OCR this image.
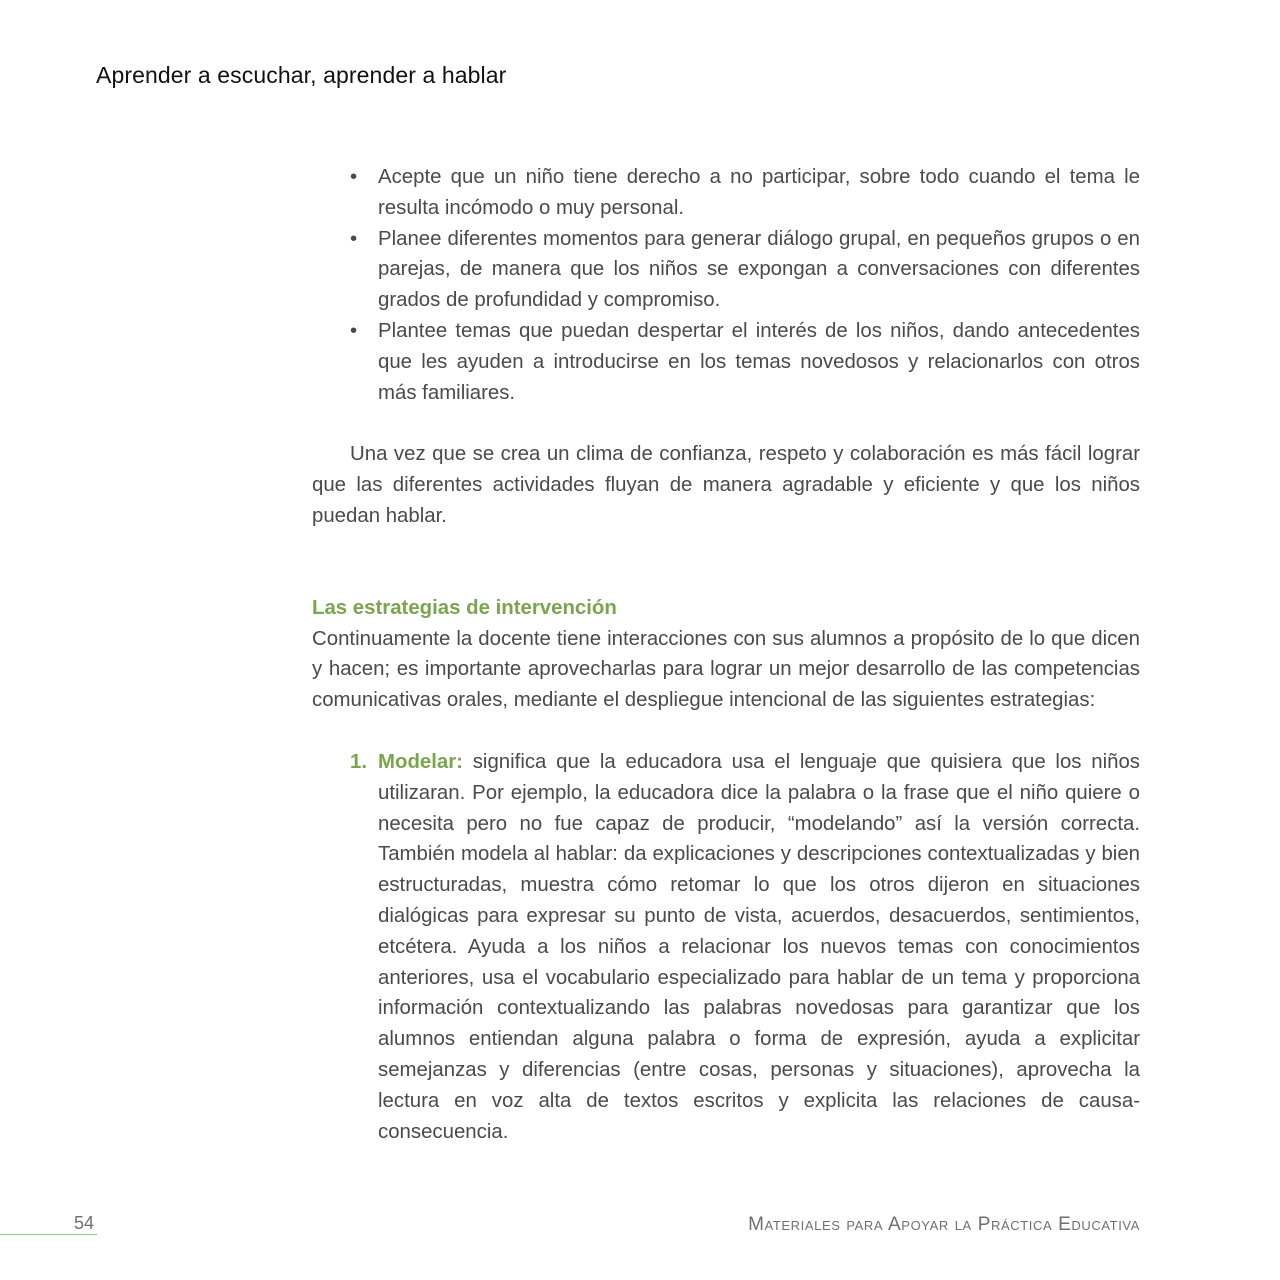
Aprender a escuchar, aprender a hablar
• Acepte que un niño tiene derecho a no participar, sobre todo cuando el tema le resulta incómodo o muy personal.
• Planee diferentes momentos para generar diálogo grupal, en pequeños grupos o en parejas, de manera que los niños se expongan a conversaciones con diferentes grados de profundidad y compromiso.
• Plantee temas que puedan despertar el interés de los niños, dando antecedentes que les ayuden a introducirse en los temas novedosos y relacionarlos con otros más familiares.

Una vez que se crea un clima de confianza, respeto y colaboración es más fácil lograr que las diferentes actividades fluyan de manera agradable y eficiente y que los niños puedan hablar.

Las estrategias de intervención

Continuamente la docente tiene interacciones con sus alumnos a propósito de lo que dicen y hacen; es importante aprovecharlas para lograr un mejor desarrollo de las competencias comunicativas orales, mediante el despliegue intencional de las siguientes estrategias:

1. Modelar: significa que la educadora usa el lenguaje que quisiera que los niños utilizaran. Por ejemplo, la educadora dice la palabra o la frase que el niño quiere o necesita pero no fue capaz de producir, “modelando” así la versión correcta. También modela al hablar: da explicaciones y descripciones contextualizadas y bien estructuradas, muestra cómo retomar lo que los otros dijeron en situaciones dialógicas para expresar su punto de vista, acuerdos, desacuerdos, sentimientos, etcétera. Ayuda a los niños a relacionar los nuevos temas con conocimientos anteriores, usa el vocabulario especializado para hablar de un tema y proporciona información contextualizando las palabras novedosas para garantizar que los alumnos entiendan alguna palabra o forma de expresión, ayuda a explicitar semejanzas y diferencias (entre cosas, personas y situaciones), aprovecha la lectura en voz alta de textos escritos y explicita las relaciones de causa-consecuencia.
54	Materiales para Apoyar la Práctica Educativa
